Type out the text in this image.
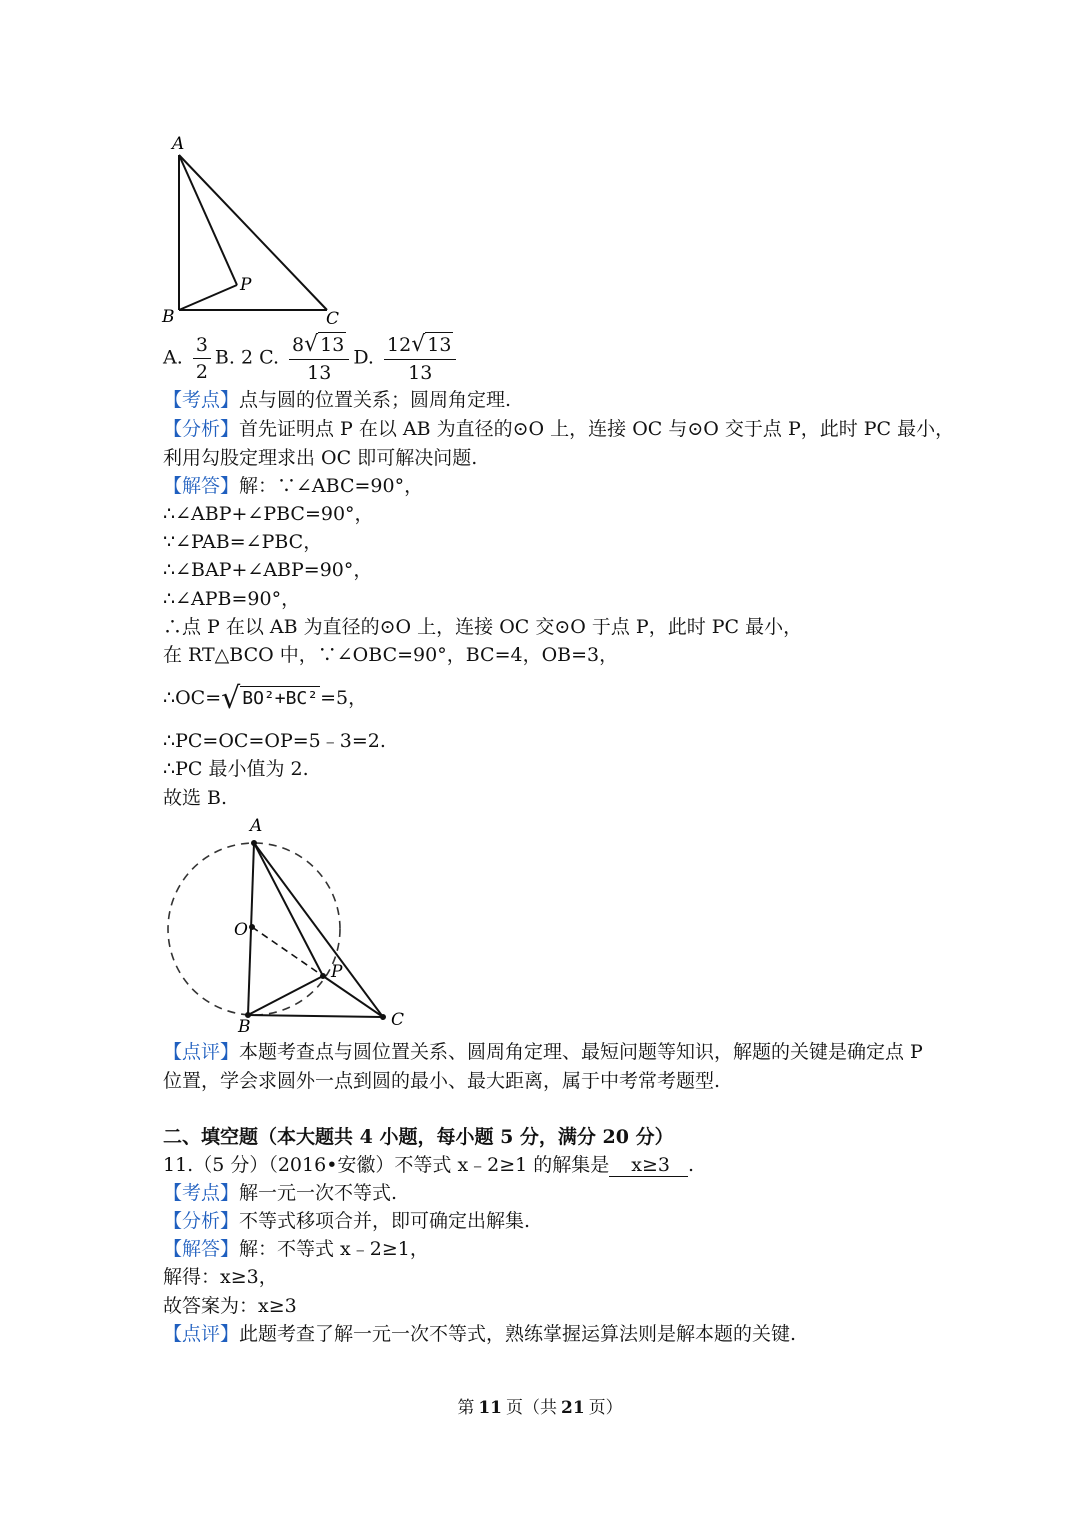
A
B	C
P
A. $\frac{3}{2} B$. 2 C. $\frac{8√ 13}{13} D$. $\frac{12√ 13}{13}$
【考点】点与圆的位置关系；圆周角定理.
【分析】首先证明点 P 在以 AB 为直径的⊙O 上，连接 OC 与⊙O 交于点 P，此时 PC 最小，
利用勾股定理求出 OC 即可解决问题.
【解答】解：∵∠ABC=90°，
∴∠ABP+∠PBC=90°，
∵∠PAB=∠PBC，
∴∠BAP+∠ABP=90°，
∴∠APB=90°，
∴点 P 在以 AB 为直径的⊙O 上，连接 OC 交⊙O 于点 P，此时 PC 最小，
在 RT△BCO 中，∵∠OBC=90°，BC=4，OB=3，
∴OC=√ BO²+BC² =5，
∴PC=OC=OP=5﹣3=2.
∴PC 最小值为 2.
故选 B.
A
O
P
B	C
【点评】本题考查点与圆位置关系、圆周角定理、最短问题等知识，解题的关键是确定点 P
位置，学会求圆外一点到圆的最小、最大距离，属于中考常考题型.
二、填空题（本大题共 4 小题，每小题 5 分，满分 20 分）
11.（5 分）（2016•安徽）不等式 x﹣2≥1 的解集是 x≥3 .
【考点】解一元一次不等式.
【分析】不等式移项合并，即可确定出解集.
【解答】解：不等式 x﹣2≥1，
解得：x≥3，
故答案为：x≥3
【点评】此题考查了解一元一次不等式，熟练掌握运算法则是解本题的关键.
第 11 页（共 21 页）
